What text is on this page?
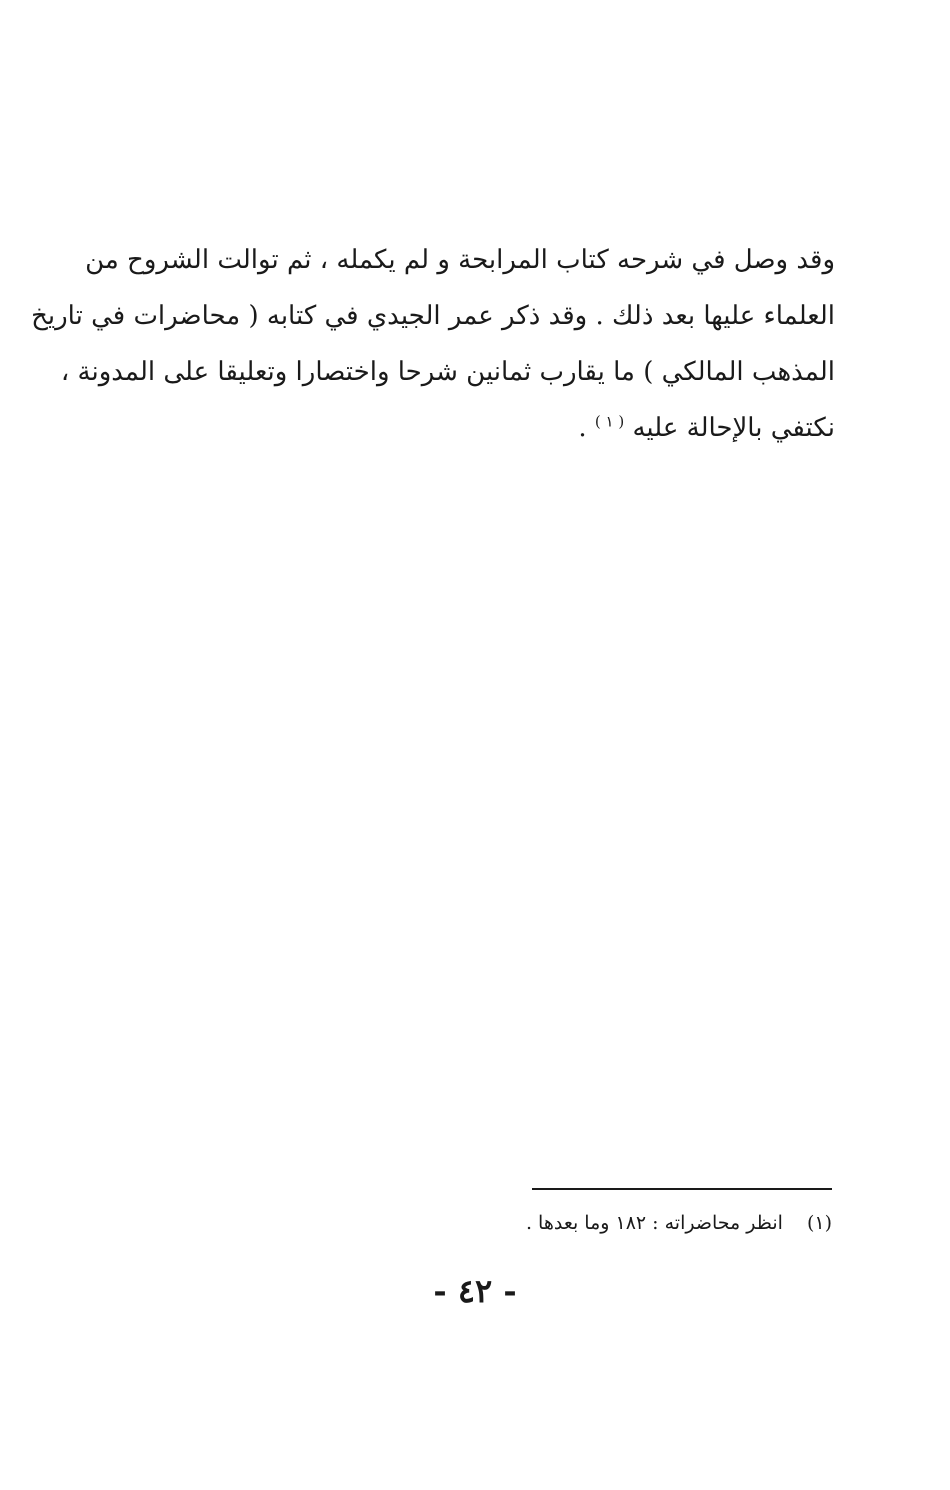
وقد وصل في شرحه كتاب المرابحة و لم يكمله ، ثم توالت الشروح من
العلماء عليها بعد ذلك . وقد ذكر عمر الجيدي في كتابه ( محاضرات في تاريخ
المذهب المالكي ) ما يقارب ثمانين شرحا واختصارا وتعليقا على المدونة ،
نكتفي بالإحالة عليه $^{( ١ )}$ .
(١) انظر محاضراته : ١٨٢ وما بعدها .
- ٤٢ -
